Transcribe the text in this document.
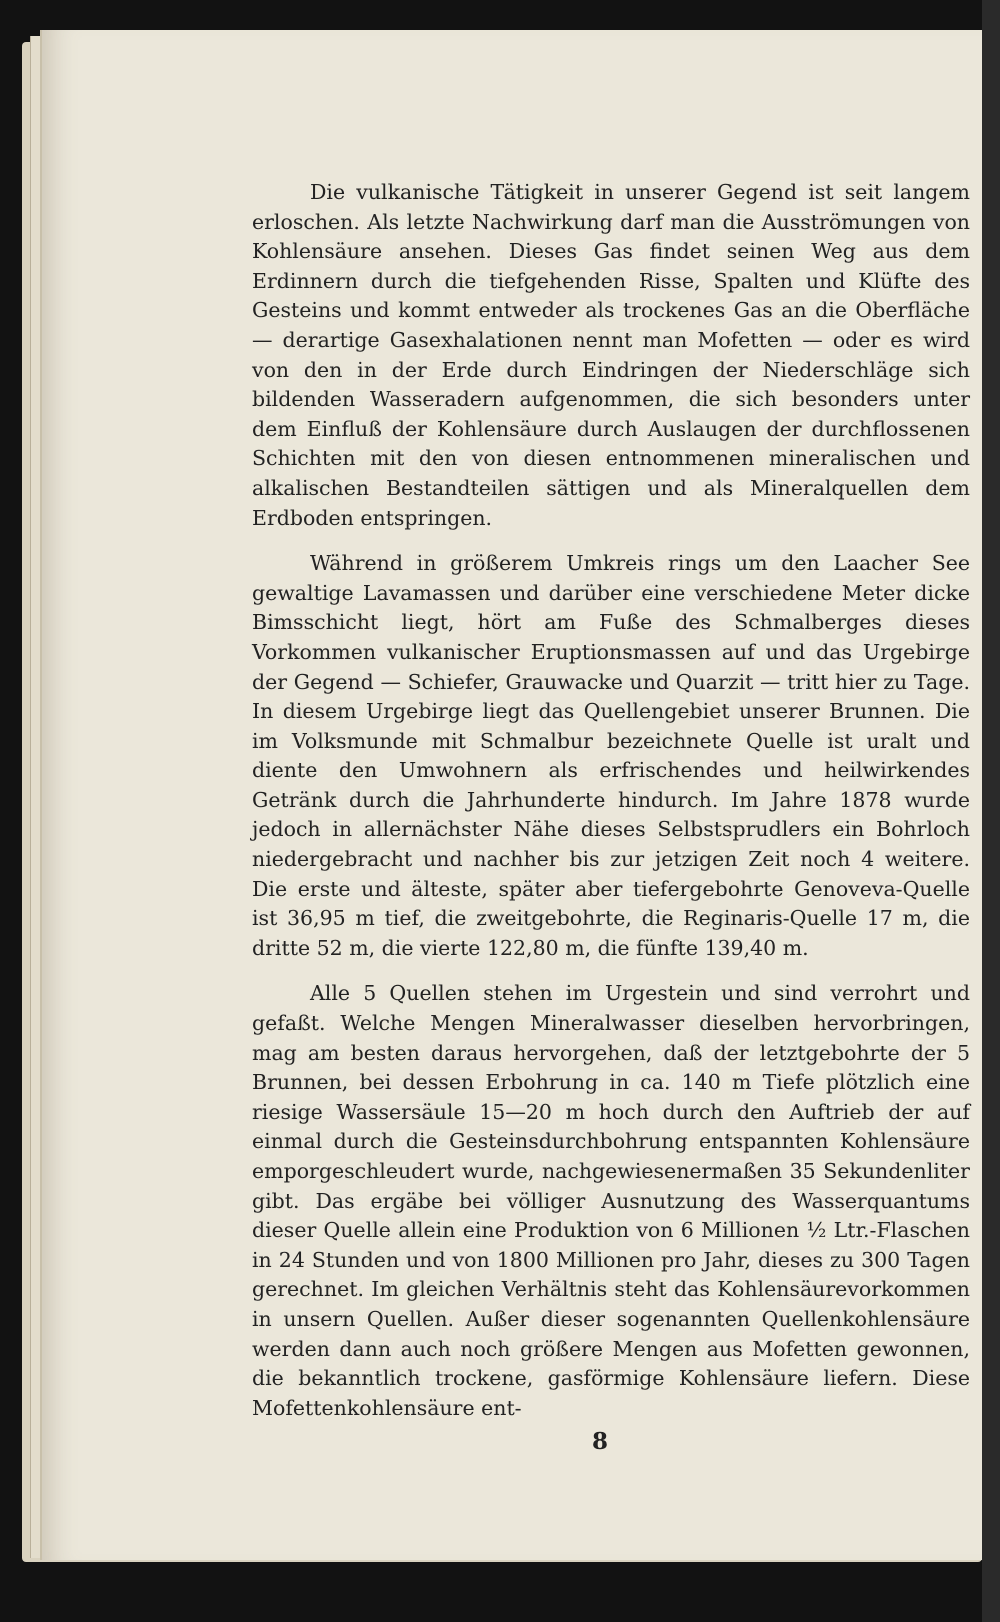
Die vulkanische Tätigkeit in unserer Gegend ist seit langem erloschen. Als letzte Nachwirkung darf man die Ausströmungen von Kohlensäure ansehen. Dieses Gas findet seinen Weg aus dem Erdinnern durch die tiefgehenden Risse, Spalten und Klüfte des Gesteins und kommt entweder als trockenes Gas an die Oberfläche — derartige Gasexhalationen nennt man Mofetten — oder es wird von den in der Erde durch Eindringen der Niederschläge sich bildenden Wasseradern aufgenommen, die sich besonders unter dem Einfluß der Kohlensäure durch Auslaugen der durchflossenen Schichten mit den von diesen entnommenen mineralischen und alkalischen Bestandteilen sättigen und als Mineralquellen dem Erdboden entspringen.

Während in größerem Umkreis rings um den Laacher See gewaltige Lavamassen und darüber eine verschiedene Meter dicke Bimsschicht liegt, hört am Fuße des Schmalberges dieses Vorkommen vulkanischer Eruptionsmassen auf und das Urgebirge der Gegend — Schiefer, Grauwacke und Quarzit — tritt hier zu Tage. In diesem Urgebirge liegt das Quellengebiet unserer Brunnen. Die im Volksmunde mit Schmalbur bezeichnete Quelle ist uralt und diente den Umwohnern als erfrischendes und heilwirkendes Getränk durch die Jahrhunderte hindurch. Im Jahre 1878 wurde jedoch in allernächster Nähe dieses Selbstsprudlers ein Bohrloch niedergebracht und nachher bis zur jetzigen Zeit noch 4 weitere. Die erste und älteste, später aber tiefergebohrte Genoveva-Quelle ist 36,95 m tief, die zweitgebohrte, die Reginaris-Quelle 17 m, die dritte 52 m, die vierte 122,80 m, die fünfte 139,40 m.

Alle 5 Quellen stehen im Urgestein und sind verrohrt und gefaßt. Welche Mengen Mineralwasser dieselben hervorbringen, mag am besten daraus hervorgehen, daß der letztgebohrte der 5 Brunnen, bei dessen Erbohrung in ca. 140 m Tiefe plötzlich eine riesige Wassersäule 15—20 m hoch durch den Auftrieb der auf einmal durch die Gesteinsdurchbohrung entspannten Kohlensäure emporgeschleudert wurde, nachgewiesenermaßen 35 Sekundenliter gibt. Das ergäbe bei völliger Ausnutzung des Wasserquantums dieser Quelle allein eine Produktion von 6 Millionen ½ Ltr.-Flaschen in 24 Stunden und von 1800 Millionen pro Jahr, dieses zu 300 Tagen gerechnet. Im gleichen Verhältnis steht das Kohlensäurevorkommen in unsern Quellen. Außer dieser sogenannten Quellenkohlensäure werden dann auch noch größere Mengen aus Mofetten gewonnen, die bekanntlich trockene, gasförmige Kohlensäure liefern. Diese Mofettenkohlensäure ent-

8
